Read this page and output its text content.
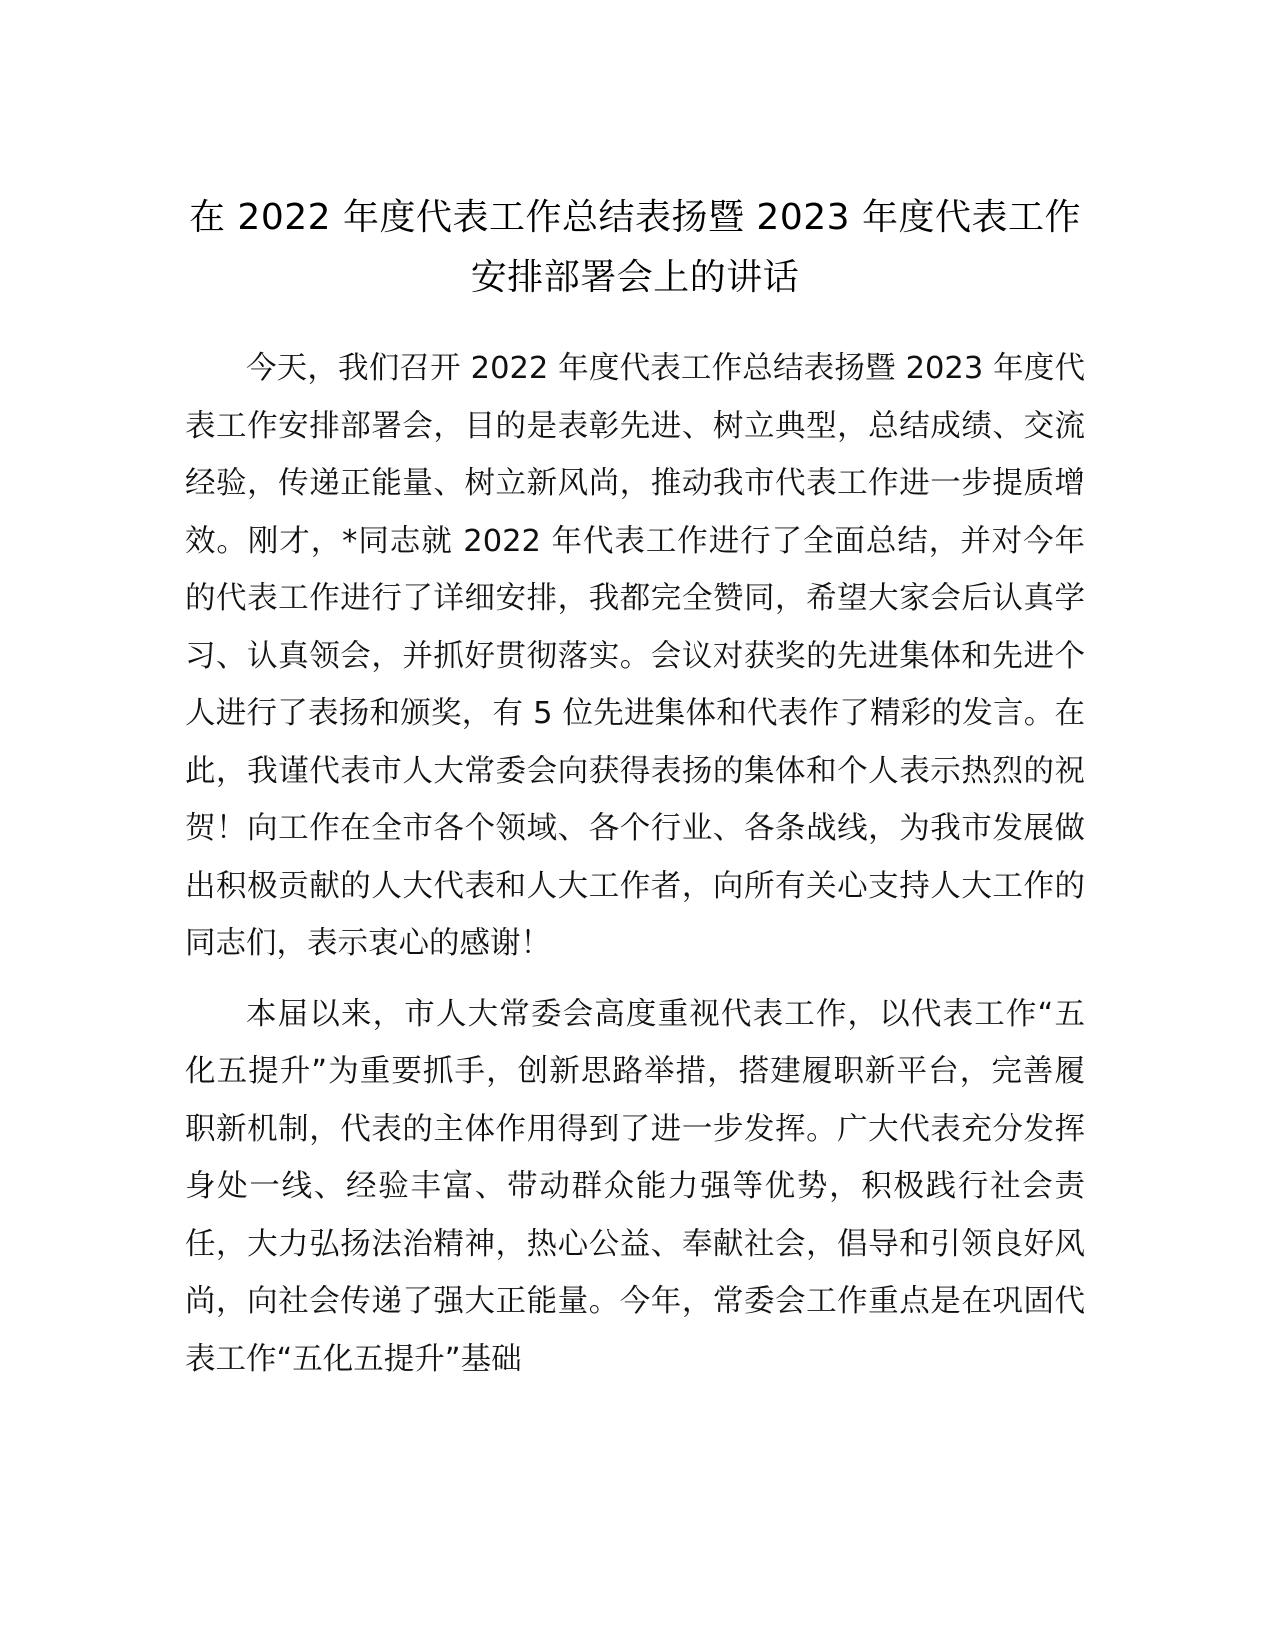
在 2022 年度代表工作总结表扬暨 2023 年度代表工作安排部署会上的讲话

今天，我们召开 2022 年度代表工作总结表扬暨 2023 年度代表工作安排部署会，目的是表彰先进、树立典型，总结成绩、交流经验，传递正能量、树立新风尚，推动我市代表工作进一步提质增效。刚才，*同志就 2022 年代表工作进行了全面总结，并对今年的代表工作进行了详细安排，我都完全赞同，希望大家会后认真学习、认真领会，并抓好贯彻落实。会议对获奖的先进集体和先进个人进行了表扬和颁奖，有 5 位先进集体和代表作了精彩的发言。在此，我谨代表市人大常委会向获得表扬的集体和个人表示热烈的祝贺！向工作在全市各个领域、各个行业、各条战线，为我市发展做出积极贡献的人大代表和人大工作者，向所有关心支持人大工作的同志们，表示衷心的感谢！

本届以来，市人大常委会高度重视代表工作，以代表工作“五化五提升”为重要抓手，创新思路举措，搭建履职新平台，完善履职新机制，代表的主体作用得到了进一步发挥。广大代表充分发挥身处一线、经验丰富、带动群众能力强等优势，积极践行社会责任，大力弘扬法治精神，热心公益、奉献社会，倡导和引领良好风尚，向社会传递了强大正能量。今年，常委会工作重点是在巩固代表工作“五化五提升”基础
